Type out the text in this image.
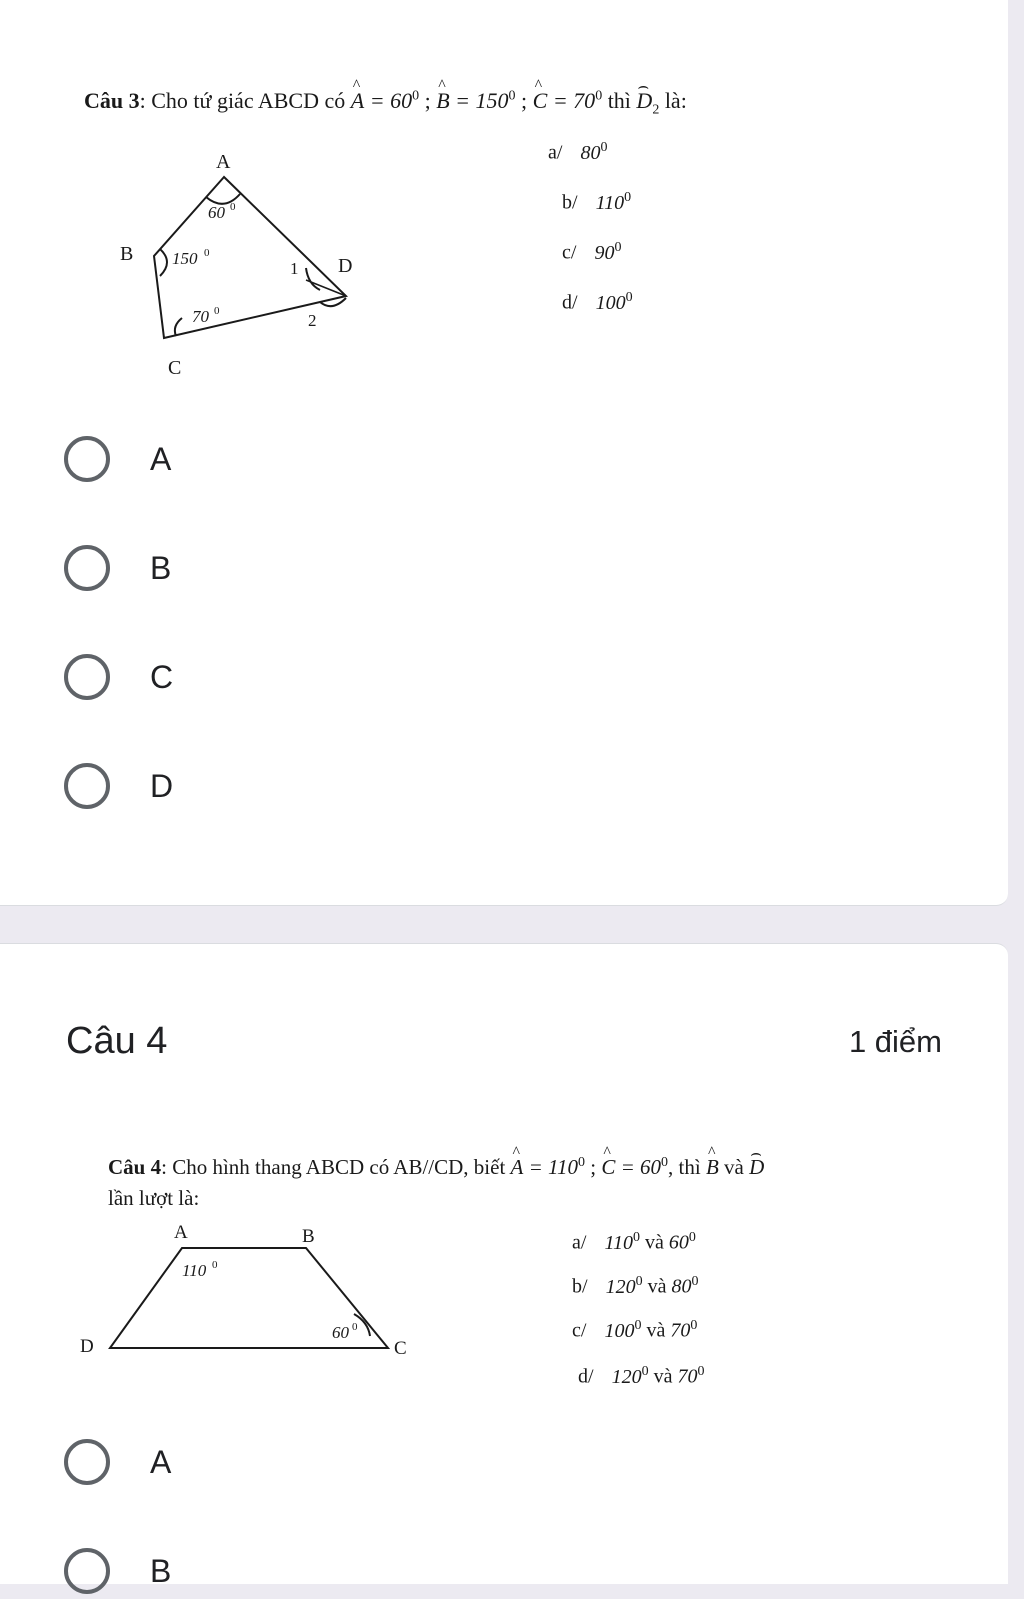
Câu 3: Cho tứ giác ABCD có ^ $A = 60^0$ ; ^ $B = 150^0$ ; ^ $C = 70^0$ thì ⌢ $D_2$ là:
A
B
C
D
60 0
150 0
70 0
1
2
a/ $80^0$
b/ $110^0$
c/ $90^0$
d/ $100^0$
A
B
C
D
Câu 4	1 điểm
Câu 4: Cho hình thang ABCD có AB//CD, biết ^ $A = 110^0$ ; ^ $C = 60^0$, thì ^ B và ⌢ D
lần lượt là:
A	B
C
D
110 0
60 0
a/ $110^0$ và $60^0$
b/ $120^0$ và $80^0$
c/ $100^0$ và $70^0$
d/ $120^0$ và $70^0$
A
B
